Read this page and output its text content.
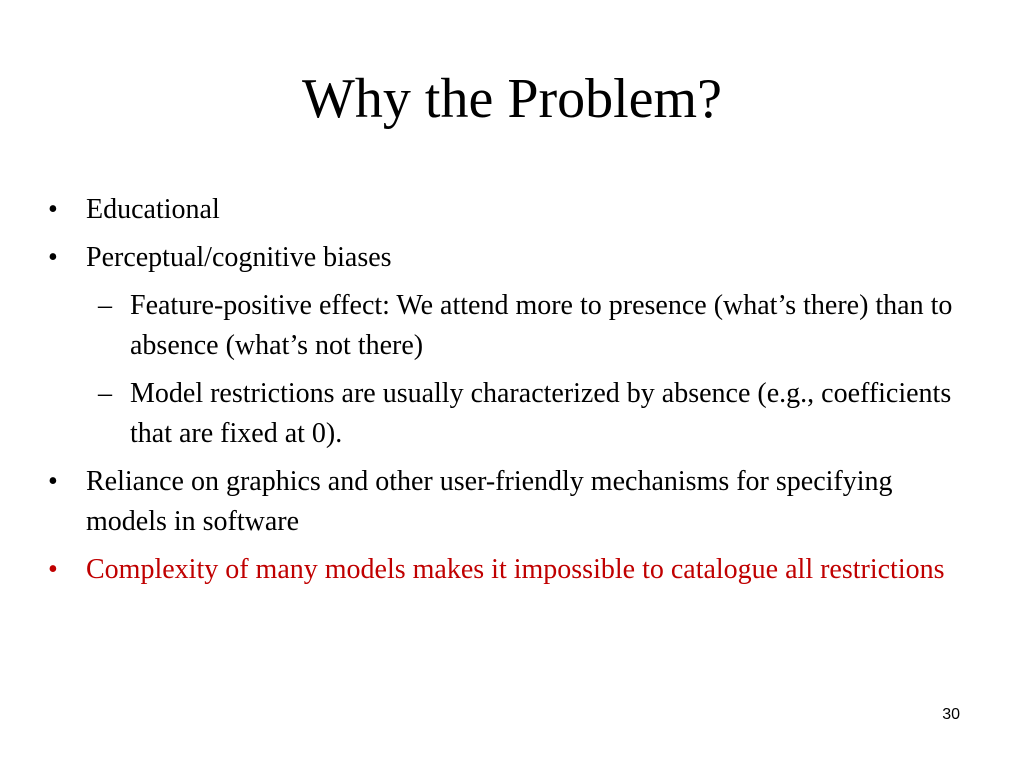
Why the Problem?
• Educational
• Perceptual/cognitive biases
– Feature-positive effect: We attend more to presence (what’s there) than to absence (what’s not there)
– Model restrictions are usually characterized by absence (e.g., coefficients that are fixed at 0).
• Reliance on graphics and other user-friendly mechanisms for specifying models in software
• Complexity of many models makes it impossible to catalogue all restrictions
30
